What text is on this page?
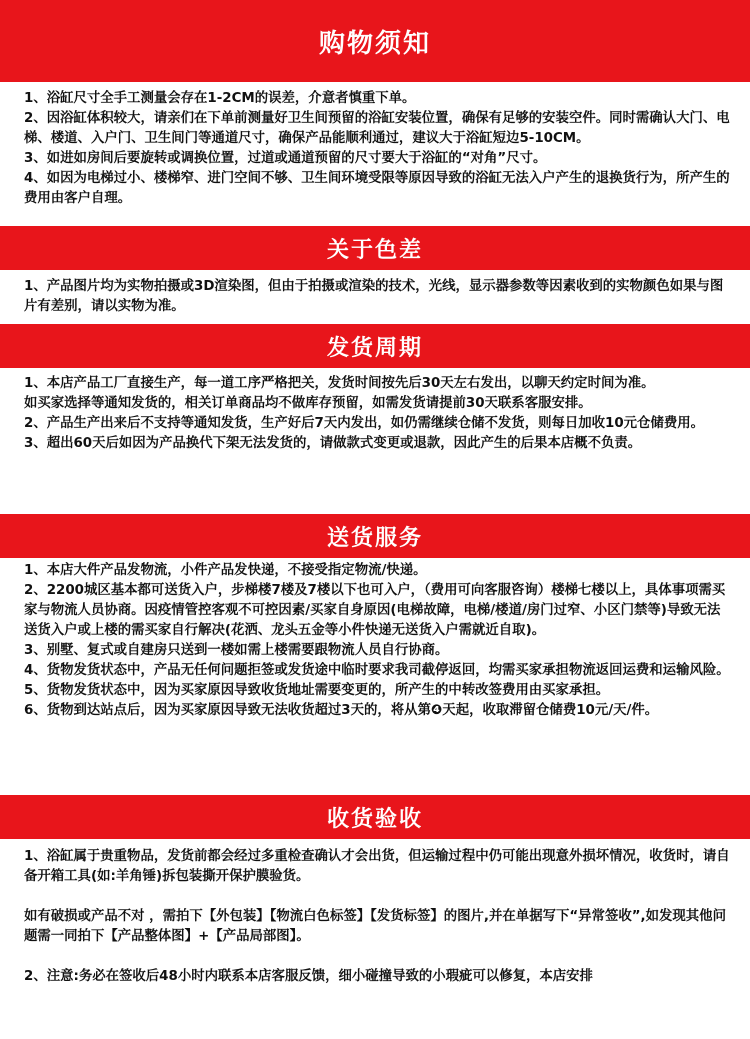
购物须知

1、浴缸尺寸全手工测量会存在1-2CM的误差，介意者慎重下单。

2、因浴缸体积较大，请亲们在下单前测量好卫生间预留的浴缸安装位置，确保有足够的安装空件。同时需确认大门、电梯、楼道、入户门、卫生间门等通道尺寸，确保产品能顺利通过，建议大于浴缸短边5-10CM。

3、如进如房间后要旋转或调换位置，过道或通道预留的尺寸要大于浴缸的“对角”尺寸。

4、如因为电梯过小、楼梯窄、进门空间不够、卫生间环境受限等原因导致的浴缸无法入户产生的退换货行为，所产生的费用由客户自理。

关于色差

1、产品图片均为实物拍摄或3D渲染图，但由于拍摄或渲染的技术，光线，显示器参数等因素收到的实物颜色如果与图片有差别，请以实物为准。

发货周期

1、本店产品工厂直接生产，每一道工序严格把关，发货时间按先后30天左右发出，以聊天约定时间为准。

如买家选择等通知发货的，相关订单商品均不做库存预留，如需发货请提前30天联系客服安排。

2、产品生产出来后不支持等通知发货，生产好后7天内发出，如仍需继续仓储不发货，则每日加收10元仓储费用。

3、超出60天后如因为产品换代下架无法发货的，请做款式变更或退款，因此产生的后果本店概不负责。

送货服务

1、本店大件产品发物流，小件产品发快递，不接受指定物流/快递。

2、2200城区基本都可送货入户，步梯楼7楼及7楼以下也可入户，（费用可向客服咨询）楼梯七楼以上，具体事项需买家与物流人员协商。因疫情管控客观不可控因素/买家自身原因(电梯故障，电梯/楼道/房门过窄、小区门禁等)导致无法送货入户或上楼的需买家自行解决(花洒、龙头五金等小件快递无送货入户需就近自取)。

3、别墅、复式或自建房只送到一楼如需上楼需要跟物流人员自行协商。

4、货物发货状态中，产品无任何问题拒签或发货途中临时要求我司截停返回，均需买家承担物流返回运费和运输风险。

5、货物发货状态中，因为买家原因导致收货地址需要变更的，所产生的中转改签费用由买家承担。

6、货物到达站点后，因为买家原因导致无法收货超过3天的，将从第❹天起，收取滞留仓储费10元/天/件。

收货验收

1、浴缸属于贵重物品，发货前都会经过多重检查确认才会出货，但运输过程中仍可能出现意外损坏情况，收货时，请自备开箱工具(如:羊角锤)拆包装撕开保护膜验货。

如有破损或产品不对 ，需拍下【外包装】【物流白色标签】【发货标签】的图片,并在单据写下“异常签收”,如发现其他问题需一同拍下【产品整体图】+【产品局部图】。

2、注意:务必在签收后48小时内联系本店客服反馈，细小碰撞导致的小瑕疵可以修复，本店安排
